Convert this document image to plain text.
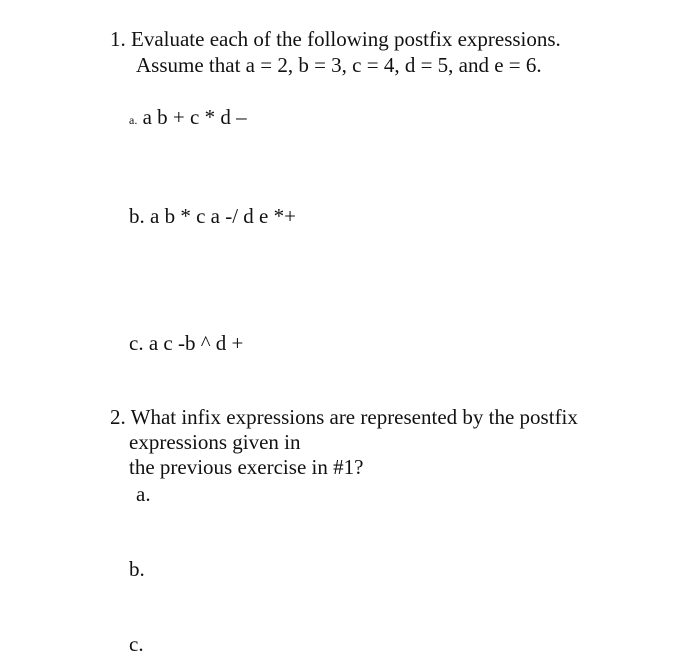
1. Evaluate each of the following postfix expressions.
Assume that a = 2, b = 3, c = 4, d = 5, and e = 6.
a. a b + c * d –
b. a b * c a -/ d e *+
c. a c -b ^ d +
2. What infix expressions are represented by the postfix
expressions given in
the previous exercise in #1?
a.
b.
c.
